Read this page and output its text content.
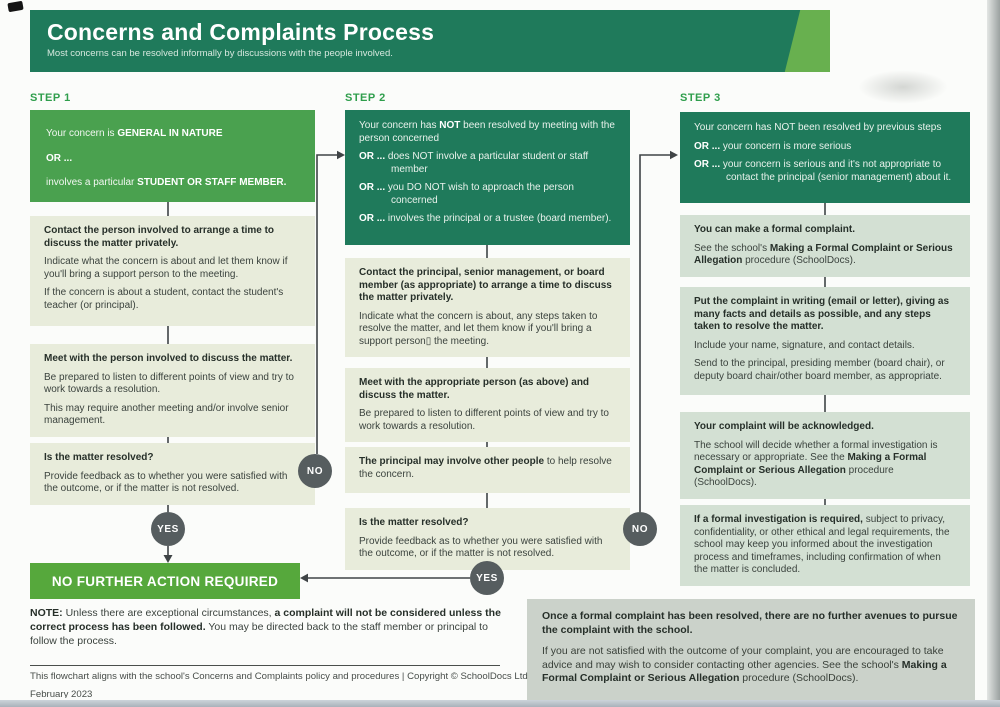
Concerns and Complaints Process
Most concerns can be resolved informally by discussions with the people involved.
STEP 1	STEP 2	STEP 3

Your concern is GENERAL IN NATURE

OR ...

involves a particular STUDENT OR STAFF MEMBER.

Contact the person involved to arrange a time to discuss the matter privately.

Indicate what the concern is about and let them know if you'll bring a support person to the meeting.

If the concern is about a student, contact the student's teacher (or principal).

Meet with the person involved to discuss the matter.

Be prepared to listen to different points of view and try to work towards a resolution.

This may require another meeting and/or involve senior management.

Is the matter resolved?

Provide feedback as to whether you were satisfied with the outcome, or if the matter is not resolved.

Your concern has NOT been resolved by meeting with the person concerned

OR ... does NOT involve a particular student or staff member

OR ... you DO NOT wish to approach the person concerned

OR ... involves the principal or a trustee (board member).

Contact the principal, senior management, or board member (as appropriate) to arrange a time to discuss the matter privately.

Indicate what the concern is about, any steps taken to resolve the matter, and let them know if you'll bring a support person▯ the meeting.

Meet with the appropriate person (as above) and discuss the matter.

Be prepared to listen to different points of view and try to work towards a resolution.

The principal may involve other people to help resolve the concern.

Is the matter resolved?

Provide feedback as to whether you were satisfied with the outcome, or if the matter is not resolved.

Your concern has NOT been resolved by previous steps

OR ... your concern is more serious

OR ... your concern is serious and it's not appropriate to contact the principal (senior management) about it.

You can make a formal complaint.

See the school's Making a Formal Complaint or Serious Allegation procedure (SchoolDocs).

Put the complaint in writing (email or letter), giving as many facts and details as possible, and any steps taken to resolve the matter.

Include your name, signature, and contact details.

Send to the principal, presiding member (board chair), or deputy board chair/other board member, as appropriate.

Your complaint will be acknowledged.

The school will decide whether a formal investigation is necessary or appropriate. See the Making a Formal Complaint or Serious Allegation procedure (SchoolDocs).

If a formal investigation is required, subject to privacy, confidentiality, or other ethical and legal requirements, the school may keep you informed about the investigation process and timeframes, including confirmation of when the matter is concluded.

NO FURTHER ACTION REQUIRED
NO
YES	NO
YES

NOTE: Unless there are exceptional circumstances, a complaint will not be considered unless the correct process has been followed. You may be directed back to the staff member or principal to follow the process.

Once a formal complaint has been resolved, there are no further avenues to pursue the complaint with the school.

If you are not satisfied with the outcome of your complaint, you are encouraged to take advice and may wish to consider contacting other agencies. See the school's Making a Formal Complaint or Serious Allegation procedure (SchoolDocs).

This flowchart aligns with the school's Concerns and Complaints policy and procedures | Copyright © SchoolDocs Ltd
February 2023
